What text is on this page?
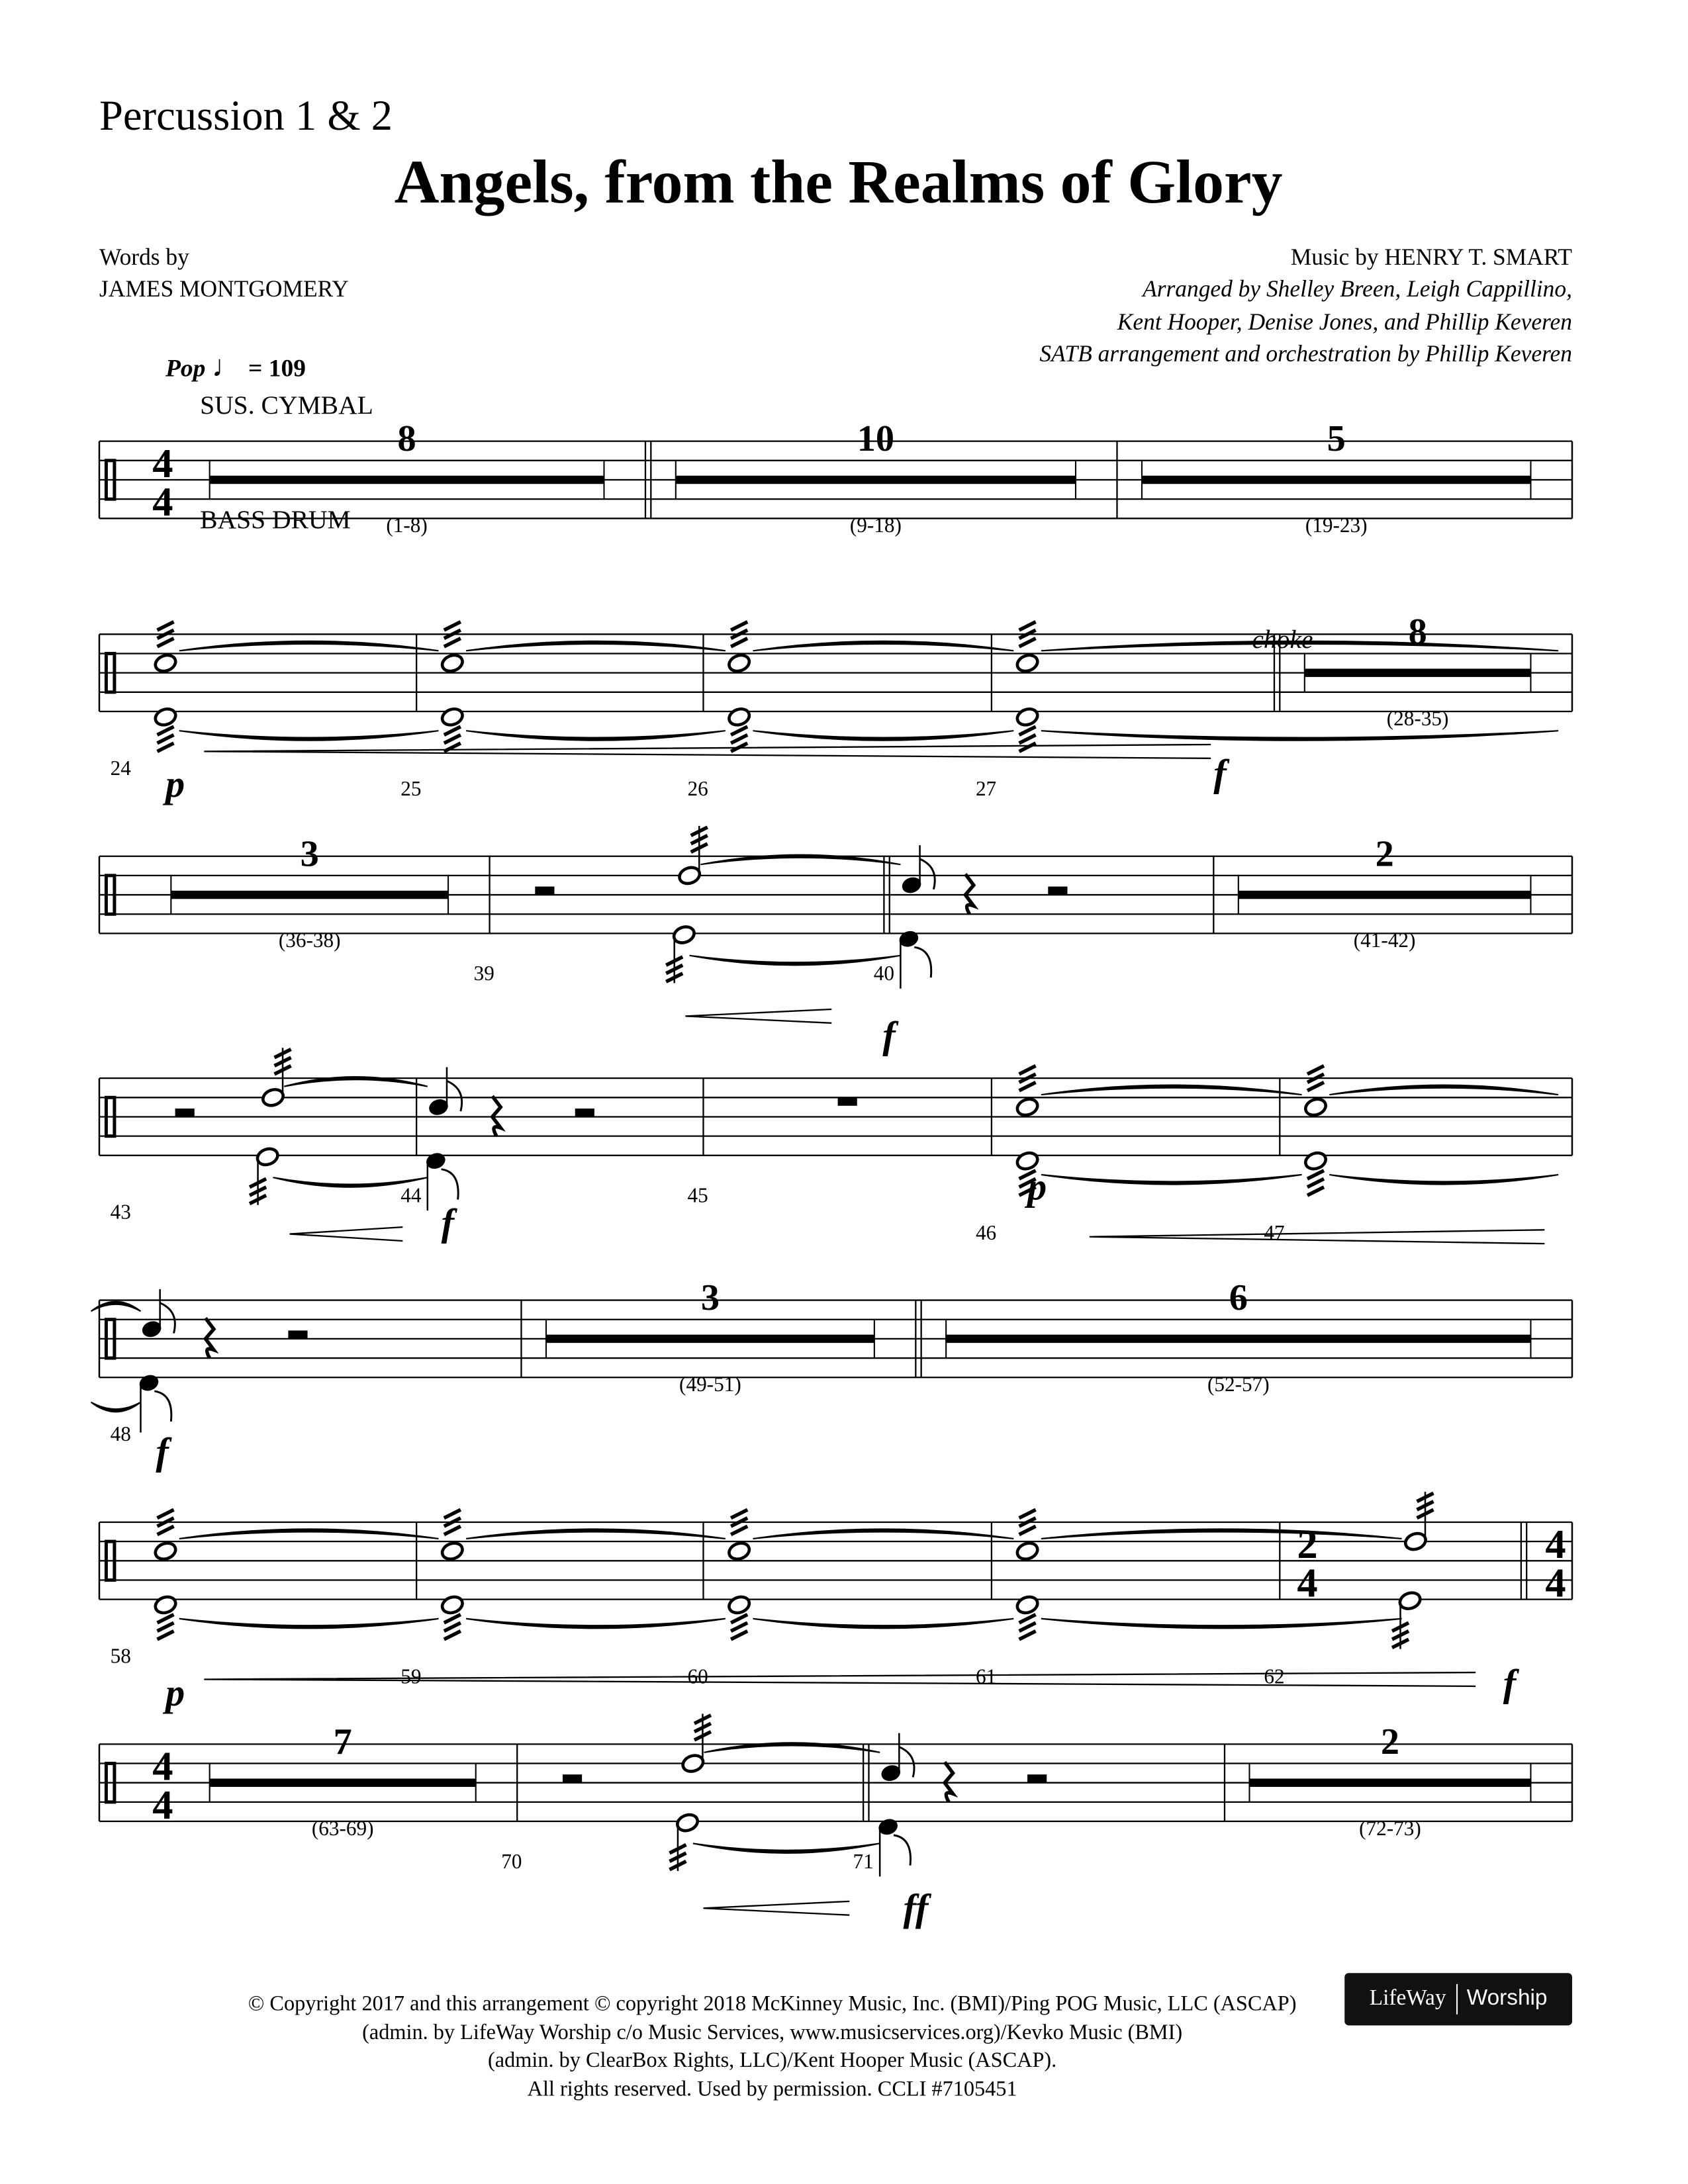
Percussion 1 & 2
Angels, from the Realms of Glory
Words by
JAMES MONTGOMERY
Music by HENRY T. SMART
Arranged by Shelley Breen, Leigh Cappillino,
Kent Hooper, Denise Jones, and Phillip Keveren
SATB arrangement and orchestration by Phillip Keveren
Pop ♩ = 109
SUS. CYMBAL
BASS DRUM
4
4
8
(1-8)
10
(9-18)
5
(19-23)
24
25	26	27
8
(28-35)
p	f
choke
3
(36-38)
39	40
2
(41-42)
f
43
44	45
46	47
f
p
48
3
(49-51)
6
(52-57)
f
4
4
58
59	60	61
2
4
62
p	f
4
4
7
(63-69)
70	71
2
(72-73)
ff
© Copyright 2017 and this arrangement © copyright 2018 McKinney Music, Inc. (BMI)/Ping POG Music, LLC (ASCAP)
(admin. by LifeWay Worship c/o Music Services, www.musicservices.org)/Kevko Music (BMI)
(admin. by ClearBox Rights, LLC)/Kent Hooper Music (ASCAP).
All rights reserved. Used by permission. CCLI #7105451
LifeWay Worship
